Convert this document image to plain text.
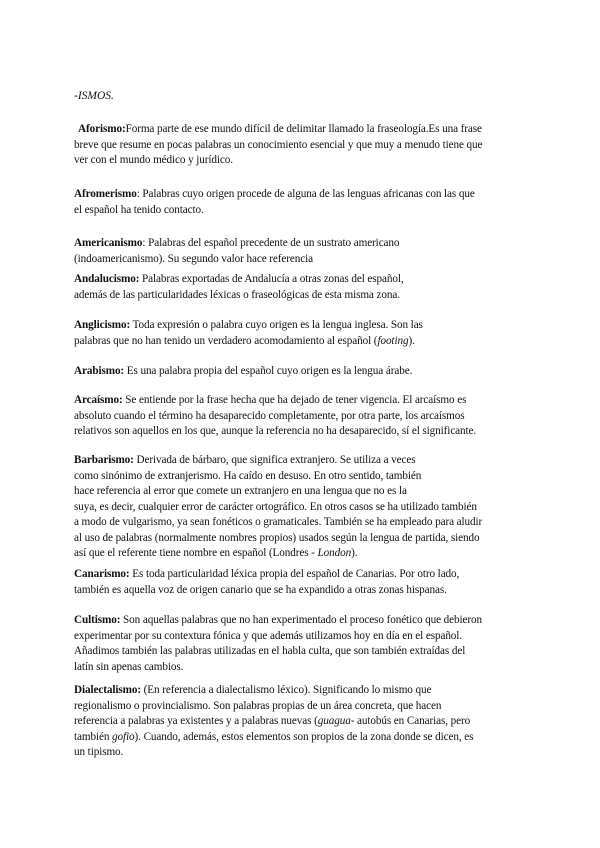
-ISMOS.
Aforismo:Forma parte de ese mundo difícil de delimitar llamado la fraseología.Es una frase
breve que resume en pocas palabras un conocimiento esencial y que muy a menudo tiene que
ver con el mundo médico y jurídico.
Afromerismo: Palabras cuyo origen procede de alguna de las lenguas africanas con las que
el español ha tenido contacto.
Americanismo: Palabras del español precedente de un sustrato americano
(indoamericanismo). Su segundo valor hace referencia
Andalucismo: Palabras exportadas de Andalucía a otras zonas del español,
además de las particularidades léxicas o fraseológicas de esta misma zona.
Anglicismo: Toda expresión o palabra cuyo origen es la lengua inglesa. Son las
palabras que no han tenido un verdadero acomodamiento al español (footing).
Arabismo: Es una palabra propia del español cuyo origen es la lengua árabe.
Arcaísmo: Se entiende por la frase hecha que ha dejado de tener vigencia. El arcaísmo es
absoluto cuando el término ha desaparecido completamente, por otra parte, los arcaísmos
relativos son aquellos en los que, aunque la referencia no ha desaparecido, sí el significante.
Barbarismo: Derivada de bárbaro, que significa extranjero. Se utiliza a veces
como sinónimo de extranjerismo. Ha caído en desuso. En otro sentido, también
hace referencia al error que comete un extranjero en una lengua que no es la
suya, es decir, cualquier error de carácter ortográfico. En otros casos se ha utilizado también
a modo de vulgarismo, ya sean fonéticos o gramaticales. También se ha empleado para aludir
al uso de palabras (normalmente nombres propios) usados según la lengua de partida, siendo
así que el referente tiene nombre en español (Londres - London).
Canarismo: Es toda particularidad léxica propia del español de Canarias. Por otro lado,
también es aquella voz de origen canario que se ha expandido a otras zonas hispanas.
Cultismo: Son aquellas palabras que no han experimentado el proceso fonético que debieron
experimentar por su contextura fónica y que además utilizamos hoy en día en el español.
Añadimos también las palabras utilizadas en el habla culta, que son también extraídas del
latín sin apenas cambios.
Dialectalismo: (En referencia a dialectalismo léxico). Significando lo mismo que
regionalismo o provincialismo. Son palabras propias de un área concreta, que hacen
referencia a palabras ya existentes y a palabras nuevas (guagua- autobús en Canarias, pero
también gofio). Cuando, además, estos elementos son propios de la zona donde se dicen, es
un tipismo.
